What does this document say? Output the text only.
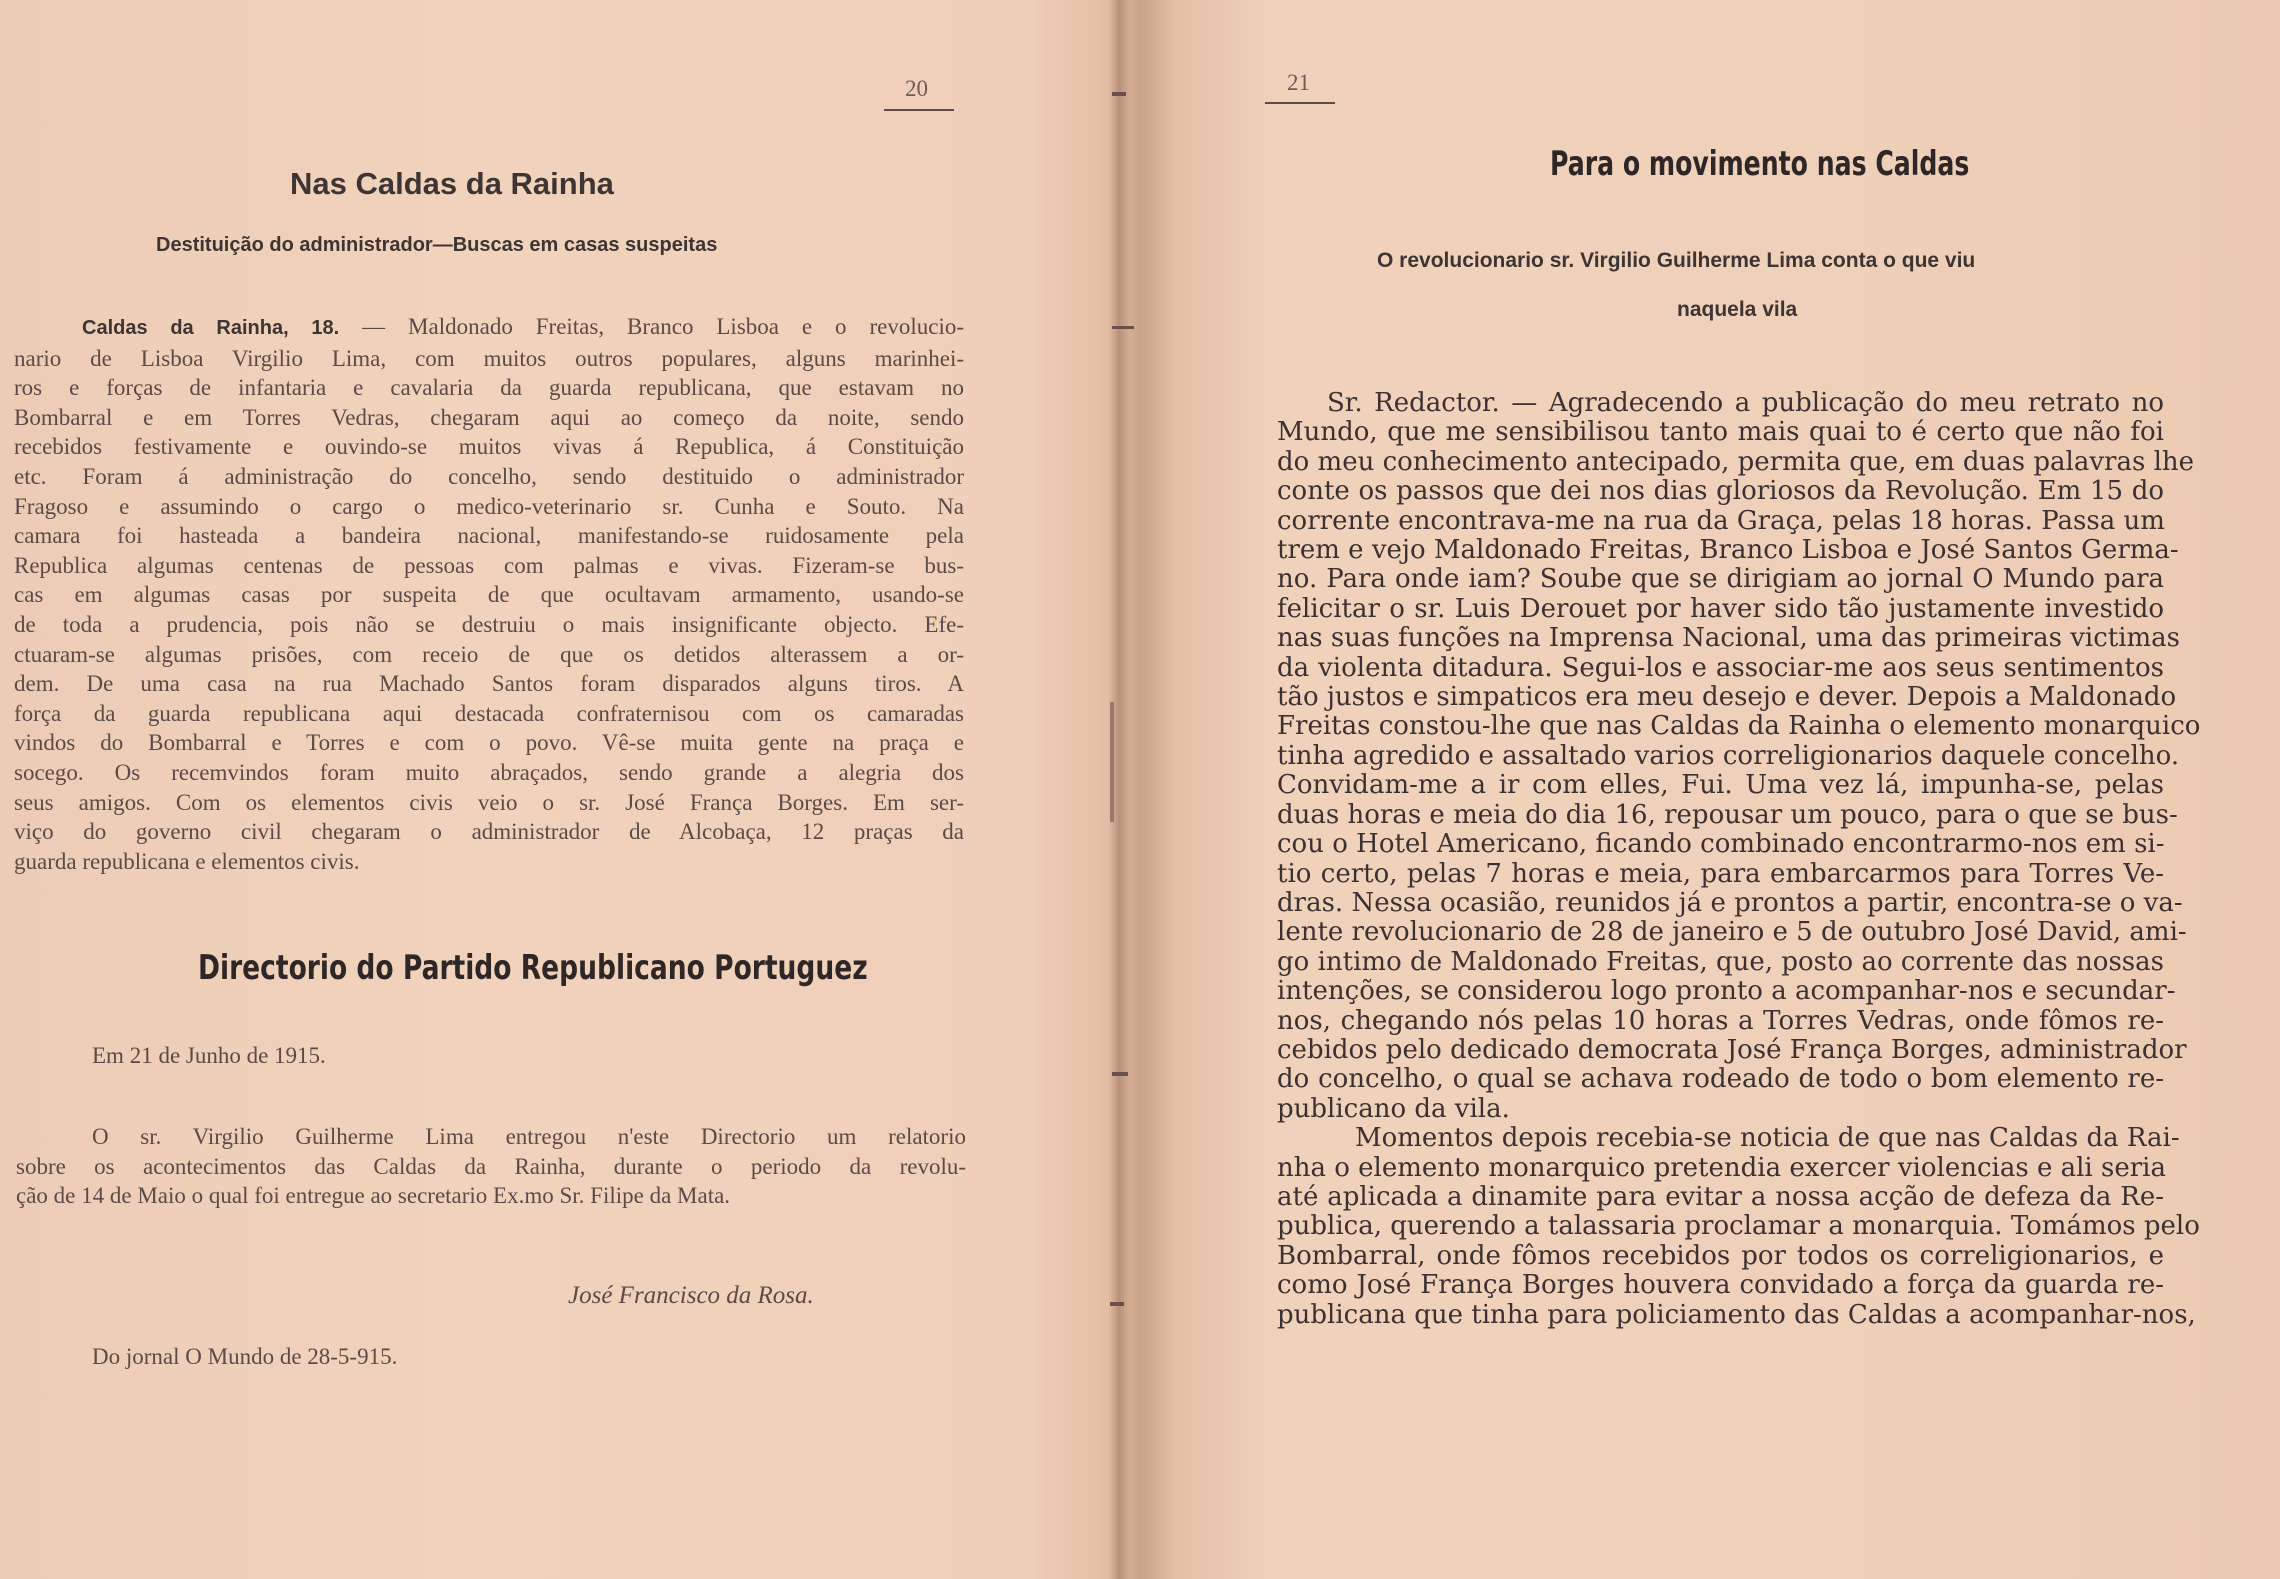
20
Nas Caldas da Rainha
Destituição do administrador—Buscas em casas suspeitas
Caldas da Rainha, 18. — Maldonado Freitas, Branco Lisboa e o revolucio-
nario de Lisboa Virgilio Lima, com muitos outros populares, alguns marinhei-
ros e forças de infantaria e cavalaria da guarda republicana, que estavam no
Bombarral e em Torres Vedras, chegaram aqui ao começo da noite, sendo
recebidos festivamente e ouvindo-se muitos vivas á Republica, á Constituição
etc. Foram á administração do concelho, sendo destituido o administrador
Fragoso e assumindo o cargo o medico-veterinario sr. Cunha e Souto. Na
camara foi hasteada a bandeira nacional, manifestando-se ruidosamente pela
Republica algumas centenas de pessoas com palmas e vivas. Fizeram-se bus-
cas em algumas casas por suspeita de que ocultavam armamento, usando-se
de toda a prudencia, pois não se destruiu o mais insignificante objecto. Efe-
ctuaram-se algumas prisões, com receio de que os detidos alterassem a or-
dem. De uma casa na rua Machado Santos foram disparados alguns tiros. A
força da guarda republicana aqui destacada confraternisou com os camaradas
vindos do Bombarral e Torres e com o povo. Vê-se muita gente na praça e
socego. Os recemvindos foram muito abraçados, sendo grande a alegria dos
seus amigos. Com os elementos civis veio o sr. José França Borges. Em ser-
viço do governo civil chegaram o administrador de Alcobaça, 12 praças da
guarda republicana e elementos civis.
Directorio do Partido Republicano Portuguez
Em 21 de Junho de 1915.
O sr. Virgilio Guilherme Lima entregou n'este Directorio um relatorio
sobre os acontecimentos das Caldas da Rainha, durante o periodo da revolu-
ção de 14 de Maio o qual foi entregue ao secretario Ex.mo Sr. Filipe da Mata.
José Francisco da Rosa.
Do jornal O Mundo de 28-5-915.
21
Para o movimento nas Caldas
O revolucionario sr. Virgilio Guilherme Lima conta o que viu
naquela vila
Sr. Redactor. — Agradecendo a publicação do meu retrato no
Mundo, que me sensibilisou tanto mais quai to é certo que não foi
do meu conhecimento antecipado, permita que, em duas palavras lhe
conte os passos que dei nos dias gloriosos da Revolução. Em 15 do
corrente encontrava-me na rua da Graça, pelas 18 horas. Passa um
trem e vejo Maldonado Freitas, Branco Lisboa e José Santos Germa-
no. Para onde iam? Soube que se dirigiam ao jornal O Mundo para
felicitar o sr. Luis Derouet por haver sido tão justamente investido
nas suas funções na Imprensa Nacional, uma das primeiras victimas
da violenta ditadura. Segui-los e associar-me aos seus sentimentos
tão justos e simpaticos era meu desejo e dever. Depois a Maldonado
Freitas constou-lhe que nas Caldas da Rainha o elemento monarquico
tinha agredido e assaltado varios correligionarios daquele concelho.
Convidam-me a ir com elles, Fui. Uma vez lá, impunha-se, pelas
duas horas e meia do dia 16, repousar um pouco, para o que se bus-
cou o Hotel Americano, ficando combinado encontrarmo-nos em si-
tio certo, pelas 7 horas e meia, para embarcarmos para Torres Ve-
dras. Nessa ocasião, reunidos já e prontos a partir, encontra-se o va-
lente revolucionario de 28 de janeiro e 5 de outubro José David, ami-
go intimo de Maldonado Freitas, que, posto ao corrente das nossas
intenções, se considerou logo pronto a acompanhar-nos e secundar-
nos, chegando nós pelas 10 horas a Torres Vedras, onde fômos re-
cebidos pelo dedicado democrata José França Borges, administrador
do concelho, o qual se achava rodeado de todo o bom elemento re-
publicano da vila.
Momentos depois recebia-se noticia de que nas Caldas da Rai-
nha o elemento monarquico pretendia exercer violencias e ali seria
até aplicada a dinamite para evitar a nossa acção de defeza da Re-
publica, querendo a talassaria proclamar a monarquia. Tomámos pelo
Bombarral, onde fômos recebidos por todos os correligionarios, e
como José França Borges houvera convidado a força da guarda re-
publicana que tinha para policiamento das Caldas a acompanhar-nos,
